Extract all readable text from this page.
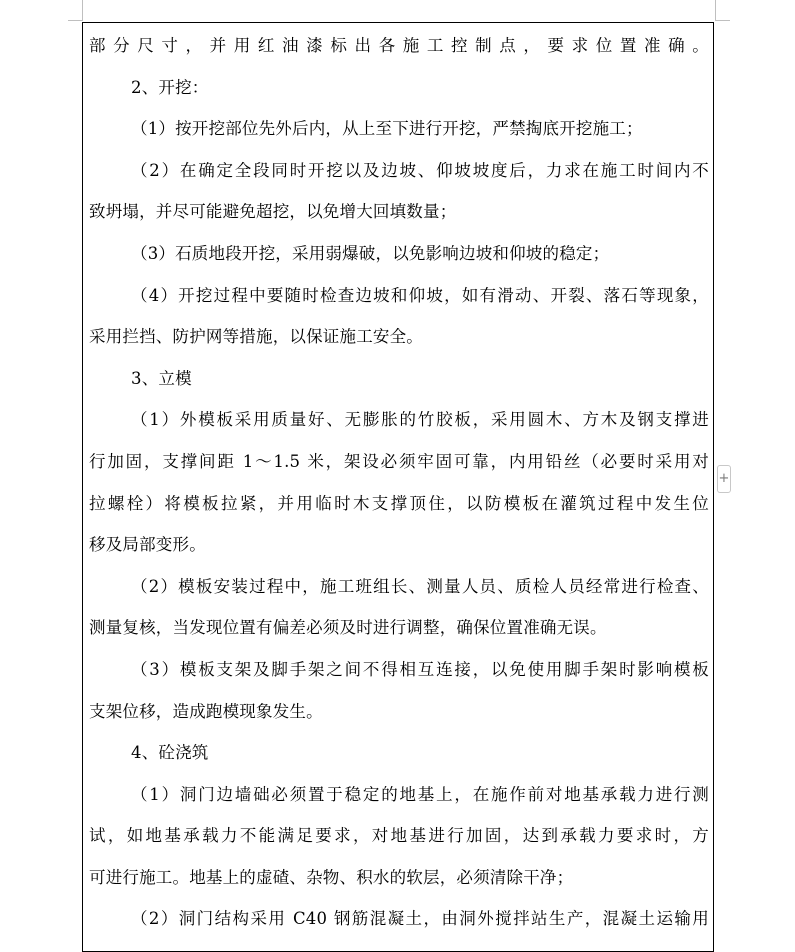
部分尺寸，并用红油漆标出各施工控制点，要求位置准确。
2、开挖：
（1）按开挖部位先外后内，从上至下进行开挖，严禁掏底开挖施工；
（2）在确定全段同时开挖以及边坡、仰坡坡度后，力求在施工时间内不
致坍塌，并尽可能避免超挖，以免增大回填数量；
（3）石质地段开挖，采用弱爆破，以免影响边坡和仰坡的稳定；
（4）开挖过程中要随时检查边坡和仰坡，如有滑动、开裂、落石等现象，
采用拦挡、防护网等措施，以保证施工安全。
3、立模
（1）外模板采用质量好、无膨胀的竹胶板，采用圆木、方木及钢支撑进
行加固，支撑间距 1～1.5 米，架设必须牢固可靠，内用铅丝（必要时采用对
拉螺栓）将模板拉紧，并用临时木支撑顶住，以防模板在灌筑过程中发生位
移及局部变形。
（2）模板安装过程中，施工班组长、测量人员、质检人员经常进行检查、
测量复核，当发现位置有偏差必须及时进行调整，确保位置准确无误。
（3）模板支架及脚手架之间不得相互连接，以免使用脚手架时影响模板
支架位移，造成跑模现象发生。
4、砼浇筑
（1）洞门边墙础必须置于稳定的地基上，在施作前对地基承载力进行测
试，如地基承载力不能满足要求，对地基进行加固，达到承载力要求时，方
可进行施工。地基上的虚碴、杂物、积水的软层，必须清除干净；
（2）洞门结构采用 C40 钢筋混凝土，由洞外搅拌站生产，混凝土运输用
+
